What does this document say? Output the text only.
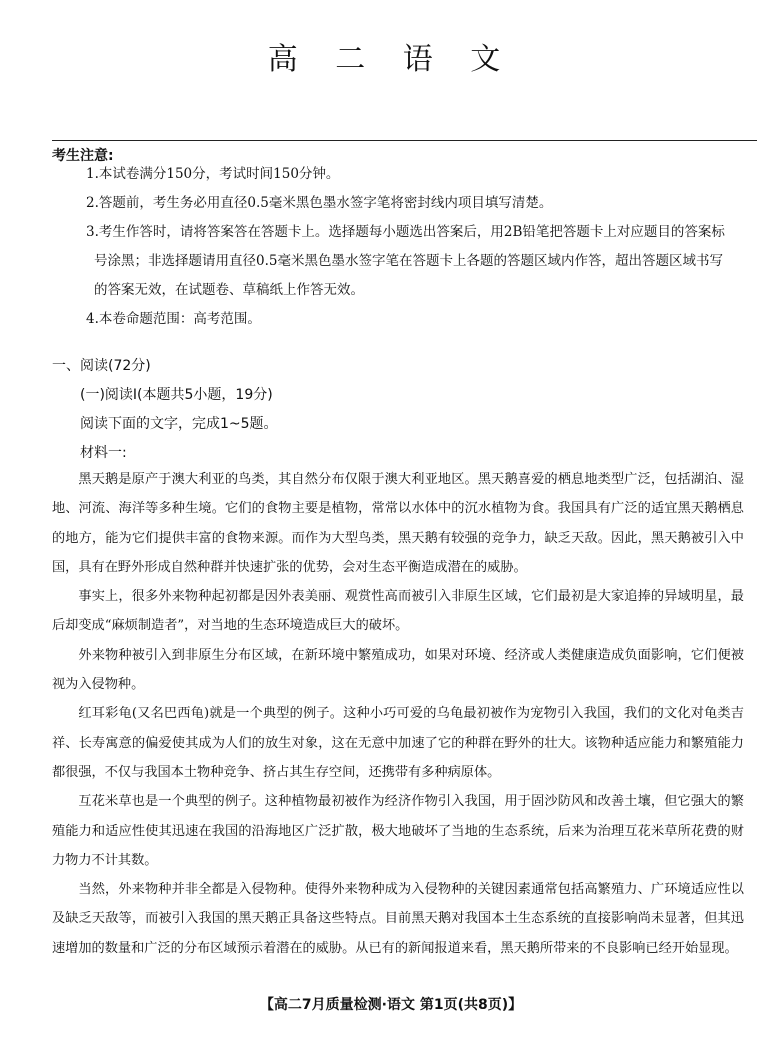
高 二 语 文
考生注意:
1.本试卷满分150分，考试时间150分钟。
2.答题前，考生务必用直径0.5毫米黑色墨水签字笔将密封线内项目填写清楚。
3.考生作答时，请将答案答在答题卡上。选择题每小题选出答案后，用2B铅笔把答题卡上对应题目的答案标
号涂黑；非选择题请用直径0.5毫米黑色墨水签字笔在答题卡上各题的答题区域内作答，超出答题区域书写
的答案无效，在试题卷、草稿纸上作答无效。
4.本卷命题范围：高考范围。
一、阅读(72分)
(一)阅读Ⅰ(本题共5小题，19分)
阅读下面的文字，完成1~5题。
材料一:

黑天鹅是原产于澳大利亚的鸟类，其自然分布仅限于澳大利亚地区。黑天鹅喜爱的栖息地类型广泛，包括湖泊、湿地、河流、海洋等多种生境。它们的食物主要是植物，常常以水体中的沉水植物为食。我国具有广泛的适宜黑天鹅栖息的地方，能为它们提供丰富的食物来源。而作为大型鸟类，黑天鹅有较强的竞争力，缺乏天敌。因此，黑天鹅被引入中国，具有在野外形成自然种群并快速扩张的优势，会对生态平衡造成潜在的威胁。

事实上，很多外来物种起初都是因外表美丽、观赏性高而被引入非原生区域，它们最初是大家追捧的异域明星，最后却变成“麻烦制造者”，对当地的生态环境造成巨大的破坏。

外来物种被引入到非原生分布区域，在新环境中繁殖成功，如果对环境、经济或人类健康造成负面影响，它们便被视为入侵物种。

红耳彩龟(又名巴西龟)就是一个典型的例子。这种小巧可爱的乌龟最初被作为宠物引入我国，我们的文化对龟类吉祥、长寿寓意的偏爱使其成为人们的放生对象，这在无意中加速了它的种群在野外的壮大。该物种适应能力和繁殖能力都很强，不仅与我国本土物种竞争、挤占其生存空间，还携带有多种病原体。

互花米草也是一个典型的例子。这种植物最初被作为经济作物引入我国，用于固沙防风和改善土壤，但它强大的繁殖能力和适应性使其迅速在我国的沿海地区广泛扩散，极大地破坏了当地的生态系统，后来为治理互花米草所花费的财力物力不计其数。

当然，外来物种并非全都是入侵物种。使得外来物种成为入侵物种的关键因素通常包括高繁殖力、广环境适应性以及缺乏天敌等，而被引入我国的黑天鹅正具备这些特点。目前黑天鹅对我国本土生态系统的直接影响尚未显著，但其迅速增加的数量和广泛的分布区域预示着潜在的威胁。从已有的新闻报道来看，黑天鹅所带来的不良影响已经开始显现。

【高二7月质量检测·语文 第1页(共8页)】
